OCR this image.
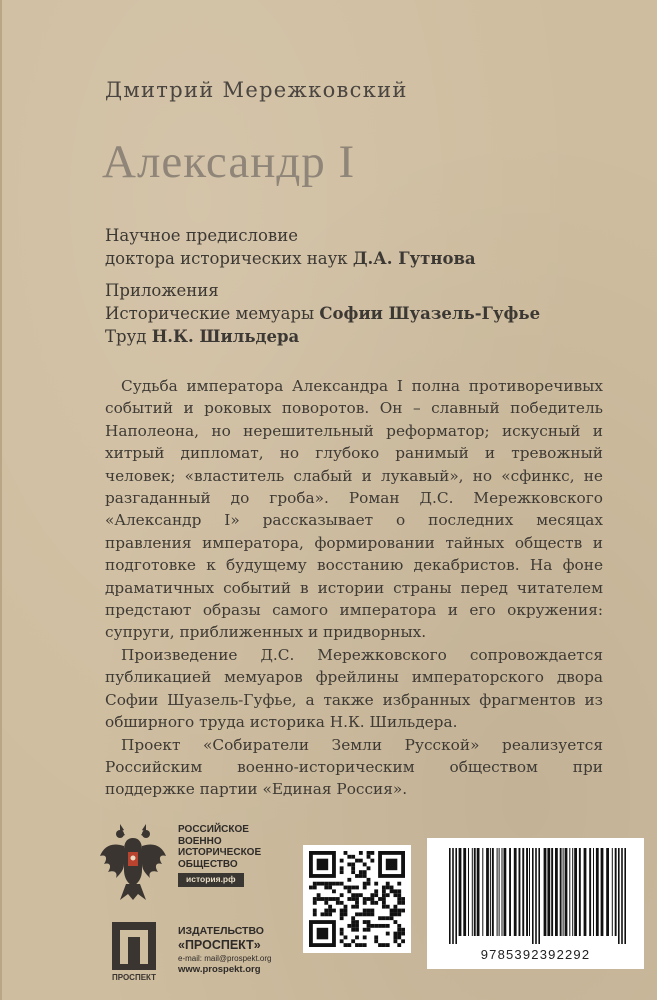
Дмитрий Мережковский
Александр I
Научное предисловие
доктора исторических наук Д.А. Гутнова
Приложения
Исторические мемуары Софии Шуазель-Гуфье
Труд Н.К. Шильдера

Судьба императора Александра I полна противоречивых событий и роковых поворотов. Он – славный победитель Наполеона, но нерешительный реформатор; искусный и хитрый дипломат, но глубоко ранимый и тревожный человек; «властитель слабый и лукавый», но «сфинкс, не разгаданный до гроба». Роман Д.С. Мережковского «Александр I» рассказывает о последних месяцах правления императора, формировании тайных обществ и подготовке к будущему восстанию декабристов. На фоне драматичных событий в истории страны перед читателем предстают образы самого императора и его окружения: супруги, приближенных и придворных.

Произведение Д.С. Мережковского сопровождается публикацией мемуаров фрейлины императорского двора Софии Шуазель-Гуфье, а также избранных фрагментов из обширного труда историка Н.К. Шильдера.

Проект «Собиратели Земли Русской» реализуется Российским военно-историческим обществом при поддержке партии «Единая Россия».

РОССИЙСКОЕ
ВОЕННО
ИСТОРИЧЕСКОЕ
ОБЩЕСТВО
история.рф
ПРОСПЕКТ
ИЗДАТЕЛЬСТВО
«ПРОСПЕКТ»
e-mail: mail@prospekt.org
www.prospekt.org
9785392392292
